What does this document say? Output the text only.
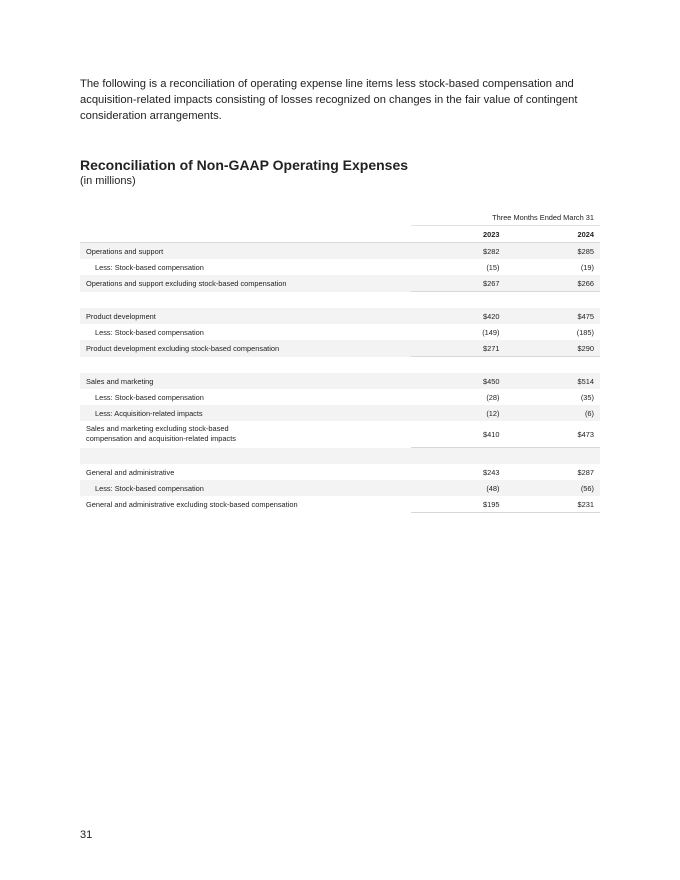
The following is a reconciliation of operating expense line items less stock-based compensation and acquisition-related impacts consisting of losses recognized on changes in the fair value of contingent consideration arrangements.
Reconciliation of Non-GAAP Operating Expenses
(in millions)
	Three Months Ended March 31	
	2023	2024
Operations and support	$282	$285
Less: Stock-based compensation	(15)	(19)
Operations and support excluding stock-based compensation	$267	$266

Product development	$420	$475
Less: Stock-based compensation	(149)	(185)
Product development excluding stock-based compensation	$271	$290

Sales and marketing	$450	$514
Less: Stock-based compensation	(28)	(35)
Less: Acquisition-related impacts	(12)	(6)

Sales and marketing excluding stock-based
compensation and acquisition-related impacts	$410	$473

General and administrative	$243	$287
Less: Stock-based compensation	(48)	(56)
General and administrative excluding stock-based compensation	$195	$231
31
